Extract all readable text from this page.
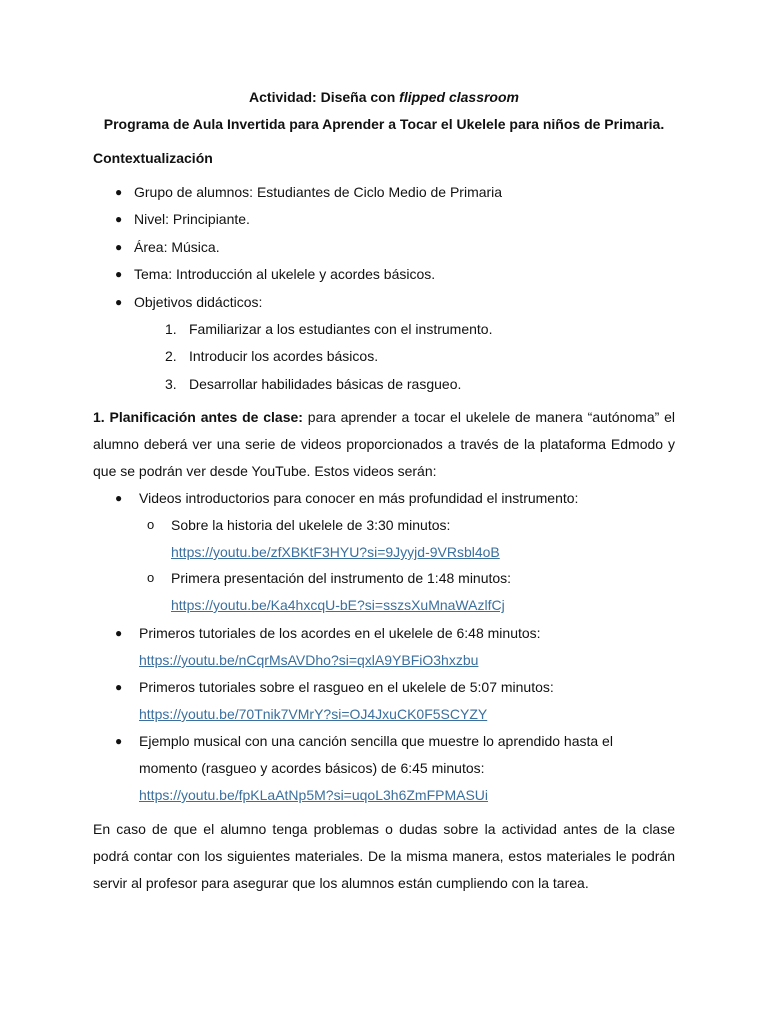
Actividad: Diseña con flipped classroom
Programa de Aula Invertida para Aprender a Tocar el Ukelele para niños de Primaria.
Contextualización
● Grupo de alumnos: Estudiantes de Ciclo Medio de Primaria
● Nivel: Principiante.
● Área: Música.
● Tema: Introducción al ukelele y acordes básicos.
● Objetivos didácticos:
1. Familiarizar a los estudiantes con el instrumento.
2. Introducir los acordes básicos.
3. Desarrollar habilidades básicas de rasgueo.
1. Planificación antes de clase: para aprender a tocar el ukelele de manera “autónoma” el
alumno deberá ver una serie de videos proporcionados a través de la plataforma Edmodo y
que se podrán ver desde YouTube. Estos videos serán:
● Videos introductorios para conocer en más profundidad el instrumento:
o Sobre la historia del ukelele de 3:30 minutos:
https://youtu.be/zfXBKtF3HYU?si=9Jyyjd-9VRsbl4oB
o Primera presentación del instrumento de 1:48 minutos:
https://youtu.be/Ka4hxcqU-bE?si=sszsXuMnaWAzlfCj
● Primeros tutoriales de los acordes en el ukelele de 6:48 minutos:
https://youtu.be/nCqrMsAVDho?si=qxlA9YBFiO3hxzbu
● Primeros tutoriales sobre el rasgueo en el ukelele de 5:07 minutos:
https://youtu.be/70Tnik7VMrY?si=OJ4JxuCK0F5SCYZY
● Ejemplo musical con una canción sencilla que muestre lo aprendido hasta el
momento (rasgueo y acordes básicos) de 6:45 minutos:
https://youtu.be/fpKLaAtNp5M?si=uqoL3h6ZmFPMASUi
En caso de que el alumno tenga problemas o dudas sobre la actividad antes de la clase
podrá contar con los siguientes materiales. De la misma manera, estos materiales le podrán
servir al profesor para asegurar que los alumnos están cumpliendo con la tarea.
